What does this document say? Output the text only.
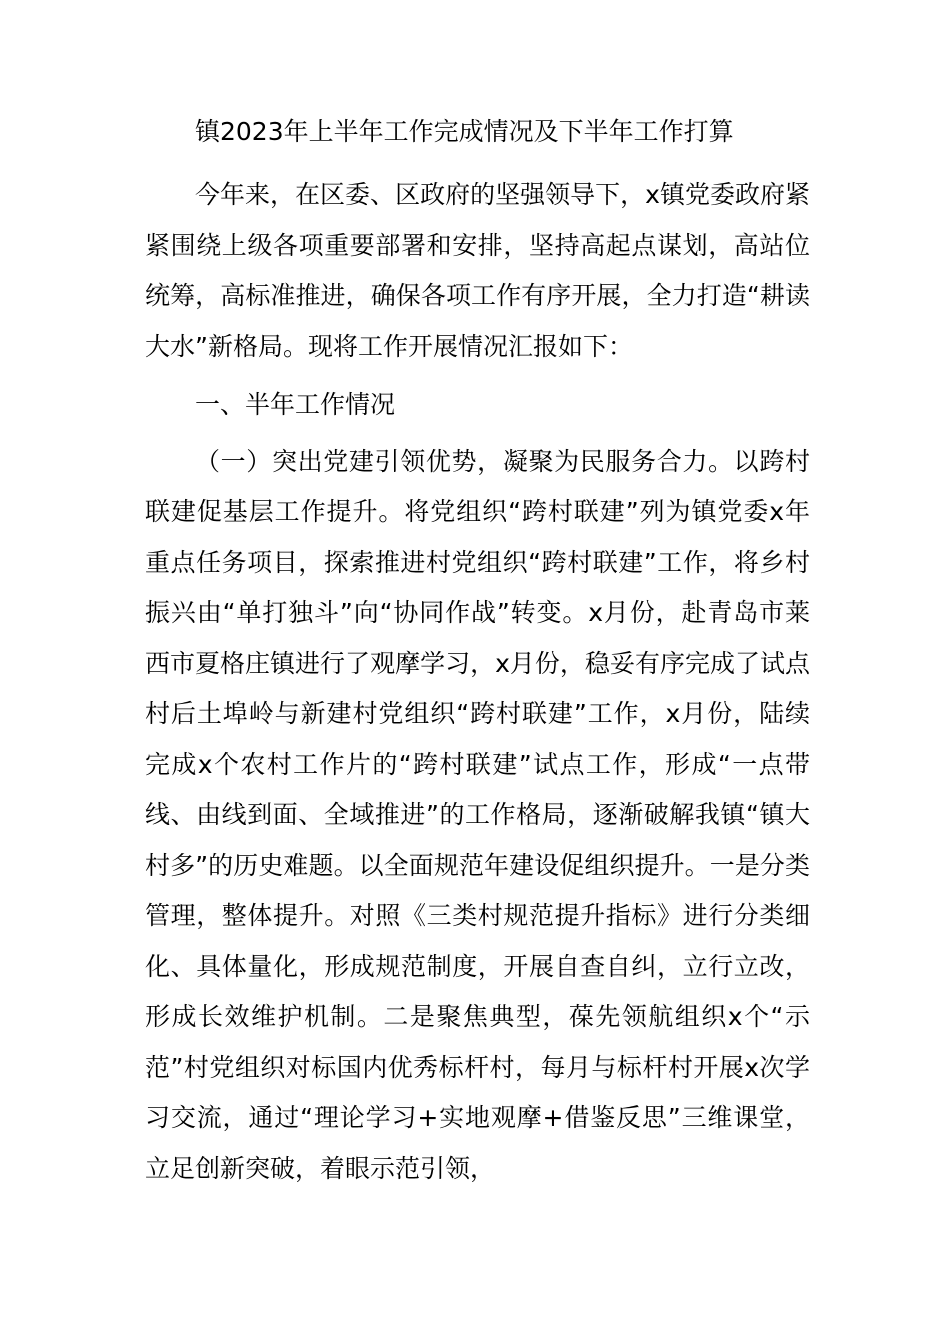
镇2023年上半年工作完成情况及下半年工作打算

今年来，在区委、区政府的坚强领导下，x镇党委政府紧紧围绕上级各项重要部署和安排，坚持高起点谋划，高站位统筹，高标准推进，确保各项工作有序开展，全力打造“耕读大水”新格局。现将工作开展情况汇报如下：

一、半年工作情况

（一）突出党建引领优势，凝聚为民服务合力。以跨村联建促基层工作提升。将党组织“跨村联建”列为镇党委x年重点任务项目，探索推进村党组织“跨村联建”工作，将乡村振兴由“单打独斗”向“协同作战”转变。x月份，赴青岛市莱西市夏格庄镇进行了观摩学习，x月份，稳妥有序完成了试点村后土埠岭与新建村党组织“跨村联建”工作，x月份，陆续完成x个农村工作片的“跨村联建”试点工作，形成“一点带线、由线到面、全域推进”的工作格局，逐渐破解我镇“镇大村多”的历史难题。以全面规范年建设促组织提升。一是分类管理，整体提升。对照《三类村规范提升指标》进行分类细化、具体量化，形成规范制度，开展自查自纠，立行立改，形成长效维护机制。二是聚焦典型，葆先领航组织x个“示范”村党组织对标国内优秀标杆村，每月与标杆村开展x次学习交流，通过“理论学习+实地观摩+借鉴反思”三维课堂，立足创新突破，着眼示范引领，
